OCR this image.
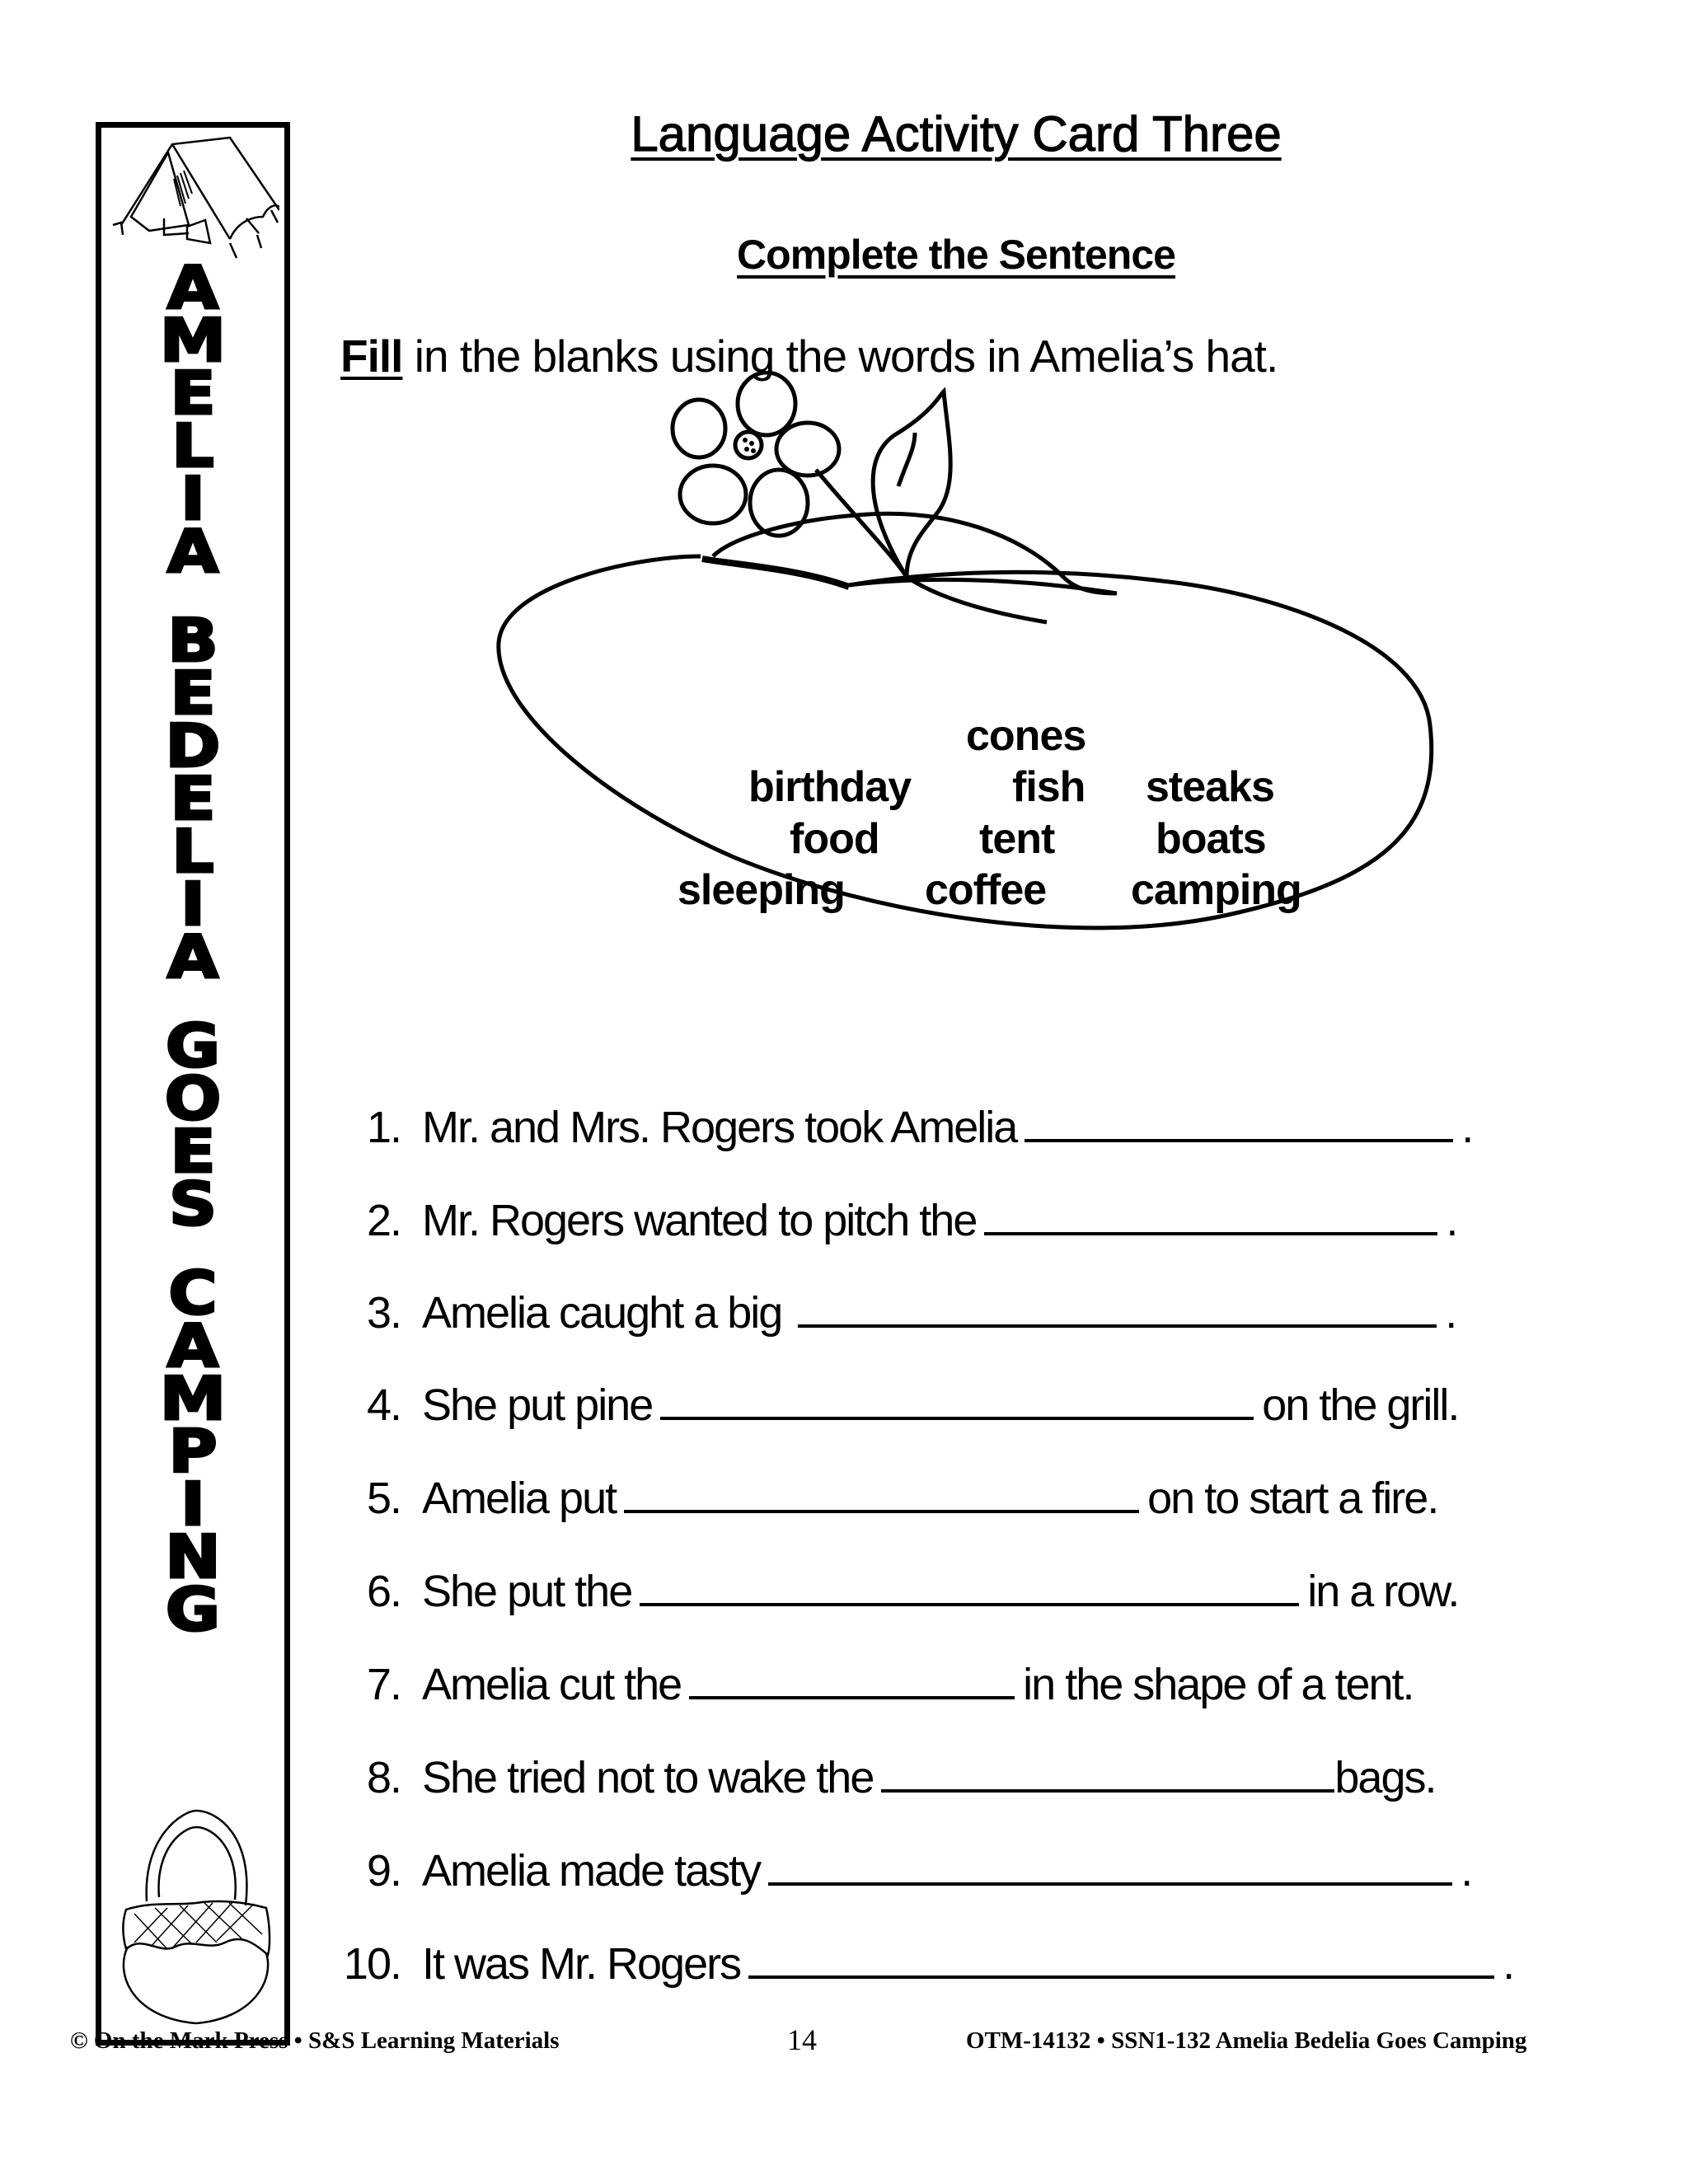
A
M
E
L
I
A
B
E
D
E
L
I
A
G
O
E
S
C
A
M
P
I
N
G
Language Activity Card Three
Complete the Sentence
Fill in the blanks using the words in Amelia’s hat.
cones
birthday fish steaks
food tent boats
sleeping coffee camping
1. Mr. and Mrs. Rogers took Amelia	.
2. Mr. Rogers wanted to pitch the	.
3. Amelia caught a big	.
4. She put pine	on the grill.
5. Amelia put	on to start a fire.
6. She put the	in a row.
7. Amelia cut the	in the shape of a tent.
8. She tried not to wake the	bags.
9. Amelia made tasty	.
10. It was Mr. Rogers	.
© On the Mark Press • S&S Learning Materials	14	OTM-14132 • SSN1-132 Amelia Bedelia Goes Camping
